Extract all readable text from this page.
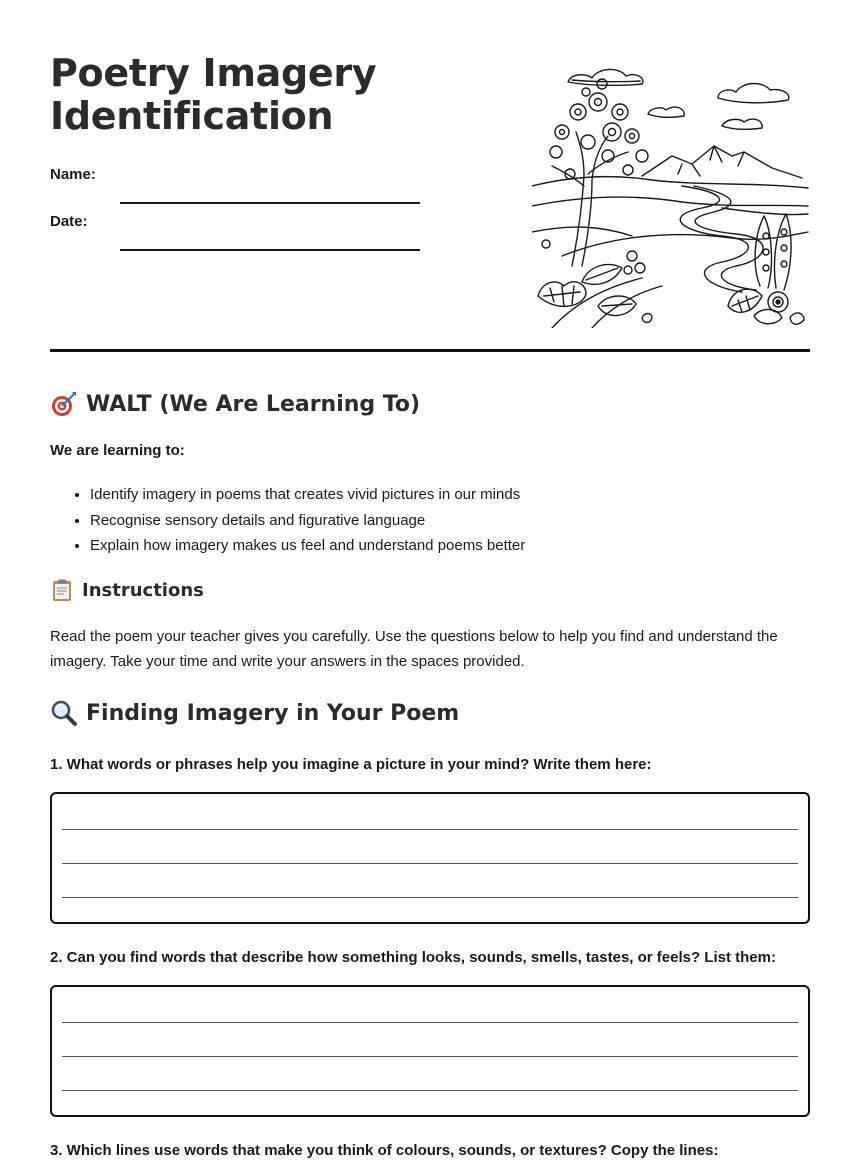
Poetry Imagery
Identification
Name:
Date:
WALT (We Are Learning To)
We are learning to:
• Identify imagery in poems that creates vivid pictures in our minds
• Recognise sensory details and figurative language
• Explain how imagery makes us feel and understand poems better
Instructions

Read the poem your teacher gives you carefully. Use the questions below to help you find and understand the imagery. Take your time and write your answers in the spaces provided.

Finding Imagery in Your Poem
1. What words or phrases help you imagine a picture in your mind? Write them here:
2. Can you find words that describe how something looks, sounds, smells, tastes, or feels? List them:
3. Which lines use words that make you think of colours, sounds, or textures? Copy the lines:
